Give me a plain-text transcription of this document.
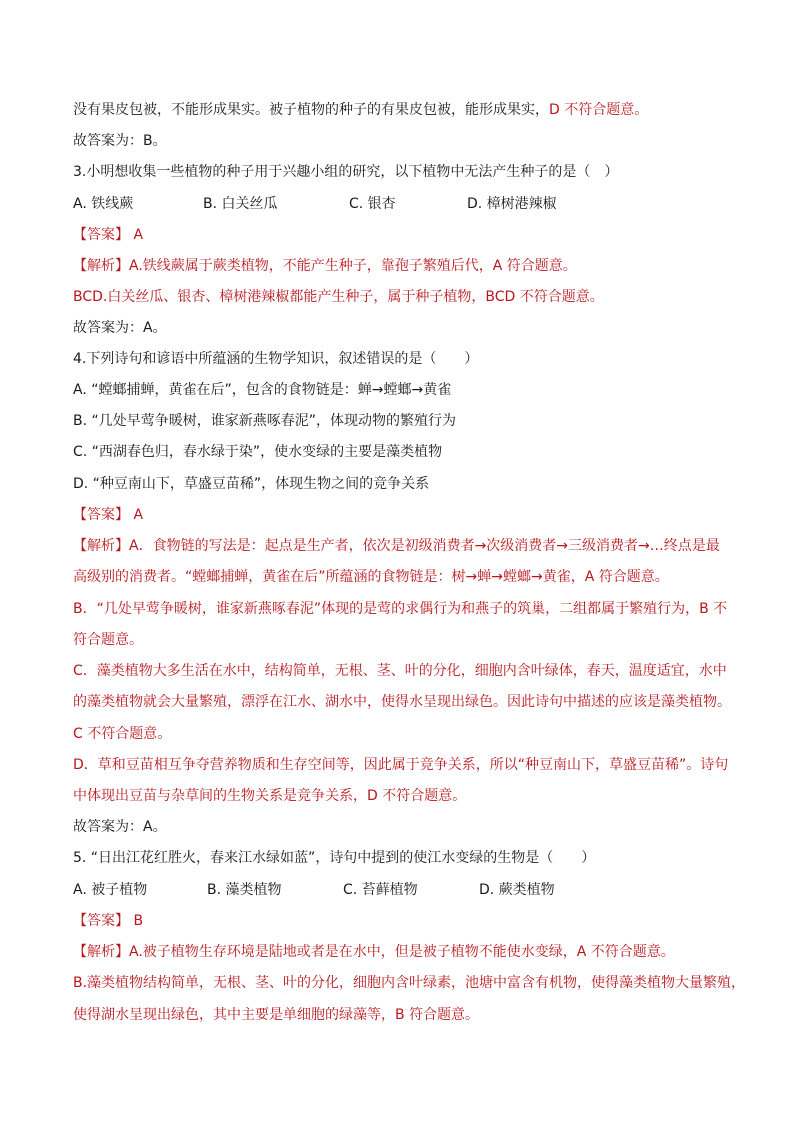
没有果皮包被，不能形成果实。被子植物的种子的有果皮包被，能形成果实，D 不符合题意。
故答案为：B。
3.小明想收集一些植物的种子用于兴趣小组的研究，以下植物中无法产生种子的是（　）
A. 铁线蕨	B. 白关丝瓜	C. 银杏	D. 樟树港辣椒
【答案】 A
【解析】A.铁线蕨属于蕨类植物，不能产生种子，靠孢子繁殖后代，A 符合题意。
BCD.白关丝瓜、银杏、樟树港辣椒都能产生种子，属于种子植物，BCD 不符合题意。
故答案为：A。
4.下列诗句和谚语中所蕴涵的生物学知识，叙述错误的是（　　）
A. “螳螂捕蝉，黄雀在后”，包含的食物链是：蝉→螳螂→黄雀
B. “几处早莺争暖树，谁家新燕啄春泥”，体现动物的繁殖行为
C. “西湖春色归，春水绿于染”，使水变绿的主要是藻类植物
D. “种豆南山下，草盛豆苗稀”，体现生物之间的竞争关系
【答案】 A
【解析】A．食物链的写法是：起点是生产者，依次是初级消费者→次级消费者→三级消费者→…终点是最
高级别的消费者。“螳螂捕蝉，黄雀在后”所蕴涵的食物链是：树→蝉→螳螂→黄雀，A 符合题意。
B．“几处早莺争暖树，谁家新燕啄春泥”体现的是莺的求偶行为和燕子的筑巢，二组都属于繁殖行为，B 不
符合题意。
C．藻类植物大多生活在水中，结构简单，无根、茎、叶的分化，细胞内含叶绿体，春天，温度适宜，水中
的藻类植物就会大量繁殖，漂浮在江水、湖水中，使得水呈现出绿色。因此诗句中描述的应该是藻类植物。
C 不符合题意。
D．草和豆苗相互争夺营养物质和生存空间等，因此属于竞争关系，所以“种豆南山下，草盛豆苗稀”。诗句
中体现出豆苗与杂草间的生物关系是竞争关系，D 不符合题意。
故答案为：A。
5. “日出江花红胜火，春来江水绿如蓝”，诗句中提到的使江水变绿的生物是（　　）
A. 被子植物	B. 藻类植物	C. 苔藓植物	D. 蕨类植物
【答案】 B
【解析】A.被子植物生存环境是陆地或者是在水中，但是被子植物不能使水变绿，A 不符合题意。
B.藻类植物结构简单，无根、茎、叶的分化，细胞内含叶绿素，池塘中富含有机物，使得藻类植物大量繁殖，
使得湖水呈现出绿色，其中主要是单细胞的绿藻等，B 符合题意。
